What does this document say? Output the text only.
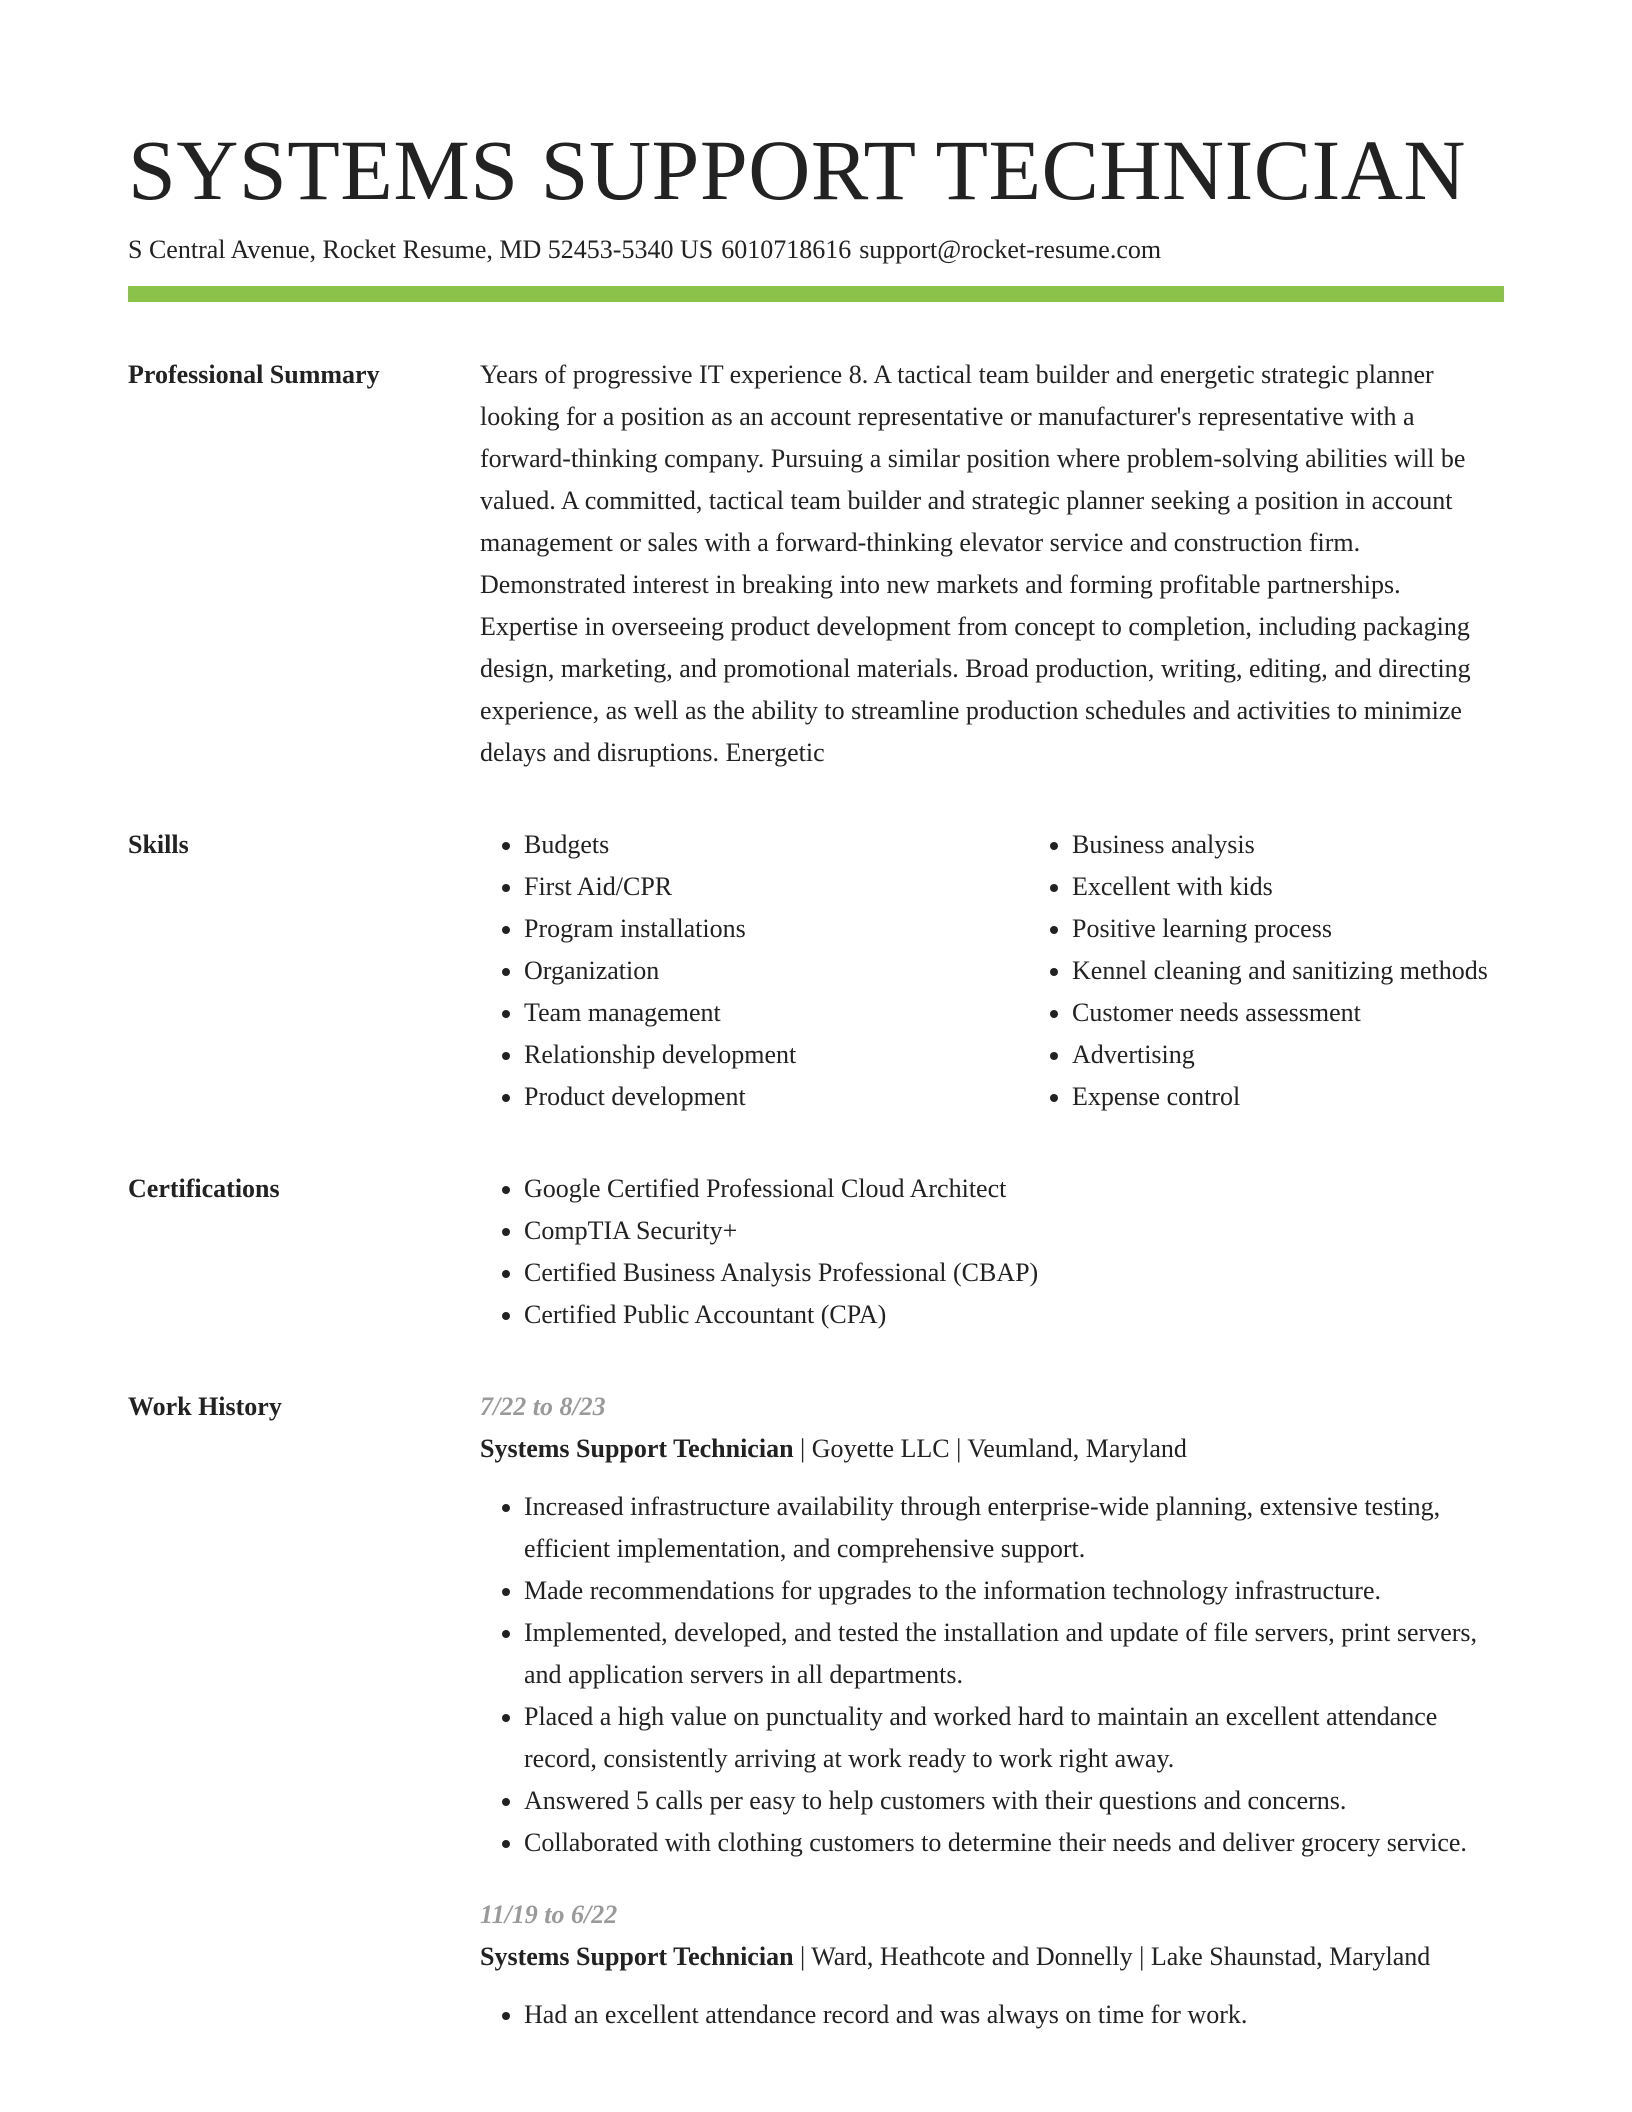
SYSTEMS SUPPORT TECHNICIAN
S Central Avenue, Rocket Resume, MD 52453-5340 US 6010718616 support@rocket-resume.com
Professional Summary	Years of progressive IT experience 8. A tactical team builder and energetic strategic planner looking for a position as an account representative or manufacturer's representative with a forward-thinking company. Pursuing a similar position where problem-solving abilities will be valued. A committed, tactical team builder and strategic planner seeking a position in account management or sales with a forward-thinking elevator service and construction firm. Demonstrated interest in breaking into new markets and forming profitable partnerships. Expertise in overseeing product development from concept to completion, including packaging design, marketing, and promotional materials. Broad production, writing, editing, and directing experience, as well as the ability to streamline production schedules and activities to minimize delays and disruptions. Energetic

Skills	• Budgets
• First Aid/CPR
• Program installations
• Organization
• Team management
• Relationship development
• Product development
• Business analysis
• Excellent with kids
• Positive learning process
• Kennel cleaning and sanitizing methods
• Customer needs assessment
• Advertising
• Expense control
Certifications	• Google Certified Professional Cloud Architect
• CompTIA Security+
• Certified Business Analysis Professional (CBAP)
• Certified Public Accountant (CPA)
Work History	7/22 to 8/23
Systems Support Technician | Goyette LLC | Veumland, Maryland
• Increased infrastructure availability through enterprise-wide planning, extensive testing, efficient implementation, and comprehensive support.
• Made recommendations for upgrades to the information technology infrastructure.
• Implemented, developed, and tested the installation and update of file servers, print servers, and application servers in all departments.
• Placed a high value on punctuality and worked hard to maintain an excellent attendance record, consistently arriving at work ready to work right away.
• Answered 5 calls per easy to help customers with their questions and concerns.
• Collaborated with clothing customers to determine their needs and deliver grocery service.
11/19 to 6/22
Systems Support Technician | Ward, Heathcote and Donnelly | Lake Shaunstad, Maryland
• Had an excellent attendance record and was always on time for work.
